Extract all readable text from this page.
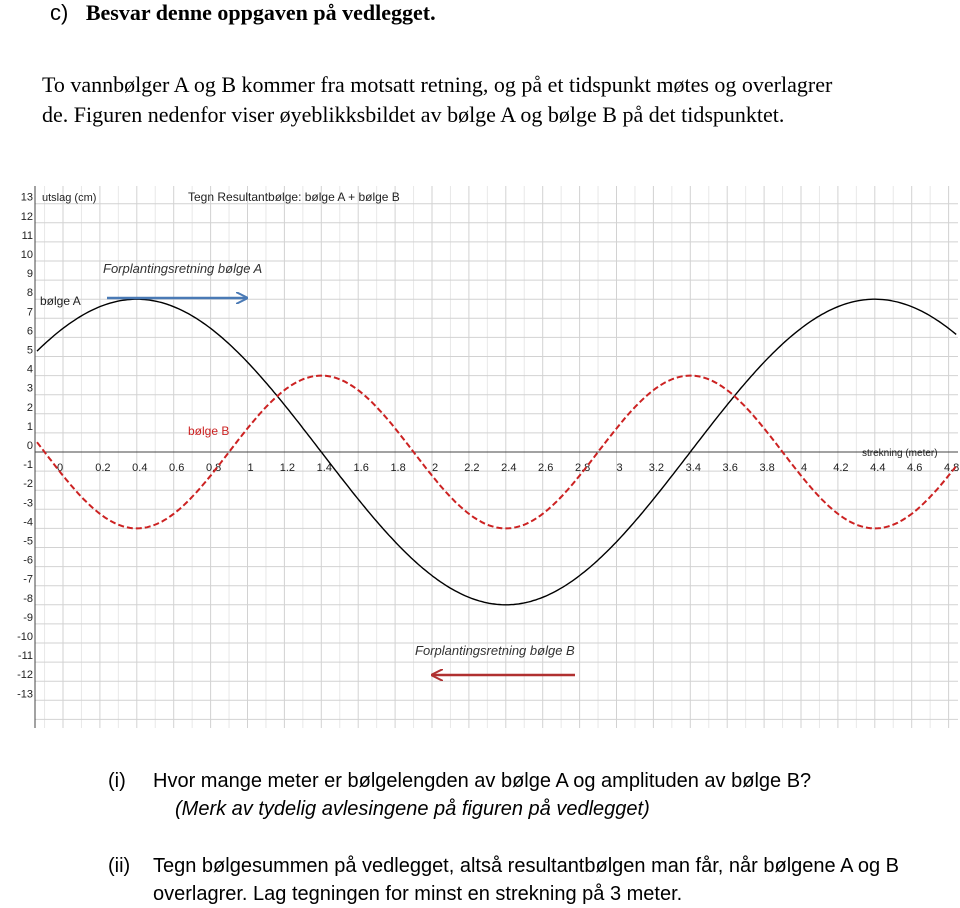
c) Besvar denne oppgaven på vedlegget.
To vannbølger A og B kommer fra motsatt retning, og på et tidspunkt møtes og overlagrer
de. Figuren nedenfor viser øyeblikksbildet av bølge A og bølge B på det tidspunktet.
13
12
11
10
9
8
7
6
5
4
3
2
1
0
-1
-2
-3
-4
-5
-6
-7
-8
-9
-10
-11
-12
-13
0	0.2 0.4 0.6 0.8 1 1.2 1.4 1.6 1.8 2 2.2 2.4 2.6 2.8 3 3.2 3.4 3.6 3.8 4 4.2 4.4 4.6 4.8
utslag (cm)	Tegn Resultantbølge: bølge A + bølge B
strekning (meter)
bølge A
bølge B
Forplantingsretning bølge A
Forplantingsretning bølge B
(i) Hvor mange meter er bølgelengden av bølge A og amplituden av bølge B?
(Merk av tydelig avlesingene på figuren på vedlegget)
(ii) Tegn bølgesummen på vedlegget, altså resultantbølgen man får, når bølgene A og B
overlagrer. Lag tegningen for minst en strekning på 3 meter.
